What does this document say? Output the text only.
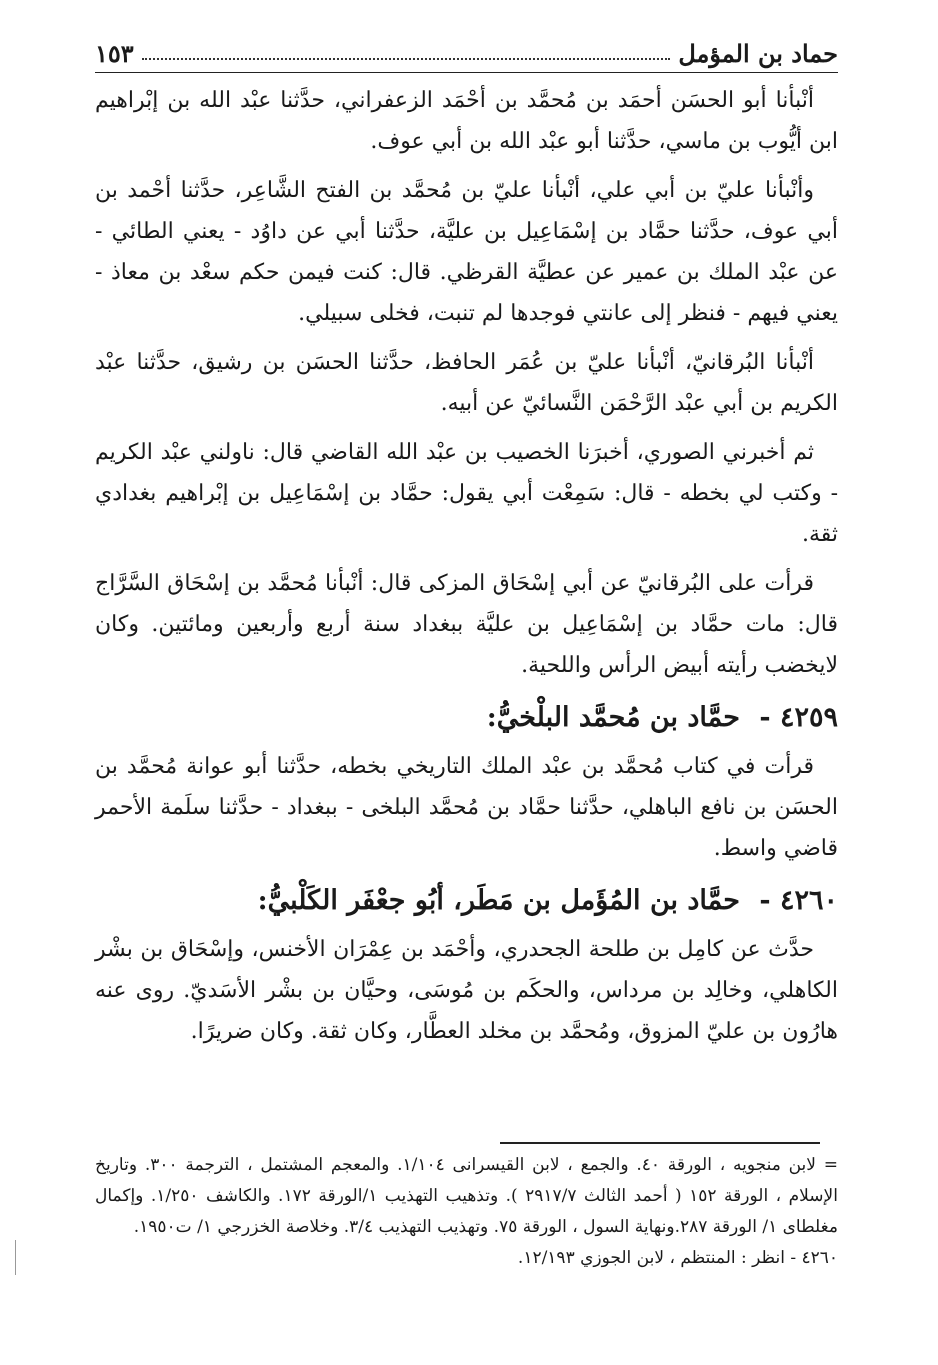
حماد بن المؤمل
١٥٣

أنْبأنا أبو الحسَن أحمَد بن مُحمَّد بن أحْمَد الزعفراني، حدَّثنا عبْد الله بن إبْراهيم ابن أيُّوب بن ماسي، حدَّثنا أبو عبْد الله بن أبي عوف.

وأنْبأنا عليّ بن أبي علي، أنْبأنا عليّ بن مُحمَّد بن الفتح الشَّاعِر، حدَّثنا أحْمد بن أبي عوف، حدَّثنا حمَّاد بن إسْمَاعِيل بن عليَّة، حدَّثنا أبي عن داوُد - يعني الطائي - عن عبْد الملك بن عمير عن عطيَّة القرظي. قال: كنت فيمن حكم سعْد بن معاذ - يعني فيهم - فنظر إلى عانتي فوجدها لم تنبت، فخلى سبيلي.

أنْبأنا البُرقانيّ، أنْبأنا عليّ بن عُمَر الحافظ، حدَّثنا الحسَن بن رشيق، حدَّثنا عبْد الكريم بن أبي عبْد الرَّحْمَن النَّسائيّ عن أبيه.

ثم أخبرني الصوري، أخبرَنا الخصيب بن عبْد الله القاضي قال: ناولني عبْد الكريم - وكتب لي بخطه - قال: سَمِعْت أبي يقول: حمَّاد بن إسْمَاعِيل بن إبْراهيم بغدادي ثقة.

قرأت على البُرقانيّ عن أبي إسْحَاق المزكى قال: أنْبأنا مُحمَّد بن إسْحَاق السَّرَّاج قال: مات حمَّاد بن إسْمَاعِيل بن عليَّة ببغداد سنة أربع وأربعين ومائتين. وكان لايخضب رأيته أبيض الرأس واللحية.

٤٢٥٩ - حمَّاد بن مُحمَّد البلْخيُّ:

قرأت في كتاب مُحمَّد بن عبْد الملك التاريخي بخطه، حدَّثنا أبو عوانة مُحمَّد بن الحسَن بن نافع الباهلي، حدَّثنا حمَّاد بن مُحمَّد البلخى - ببغداد - حدَّثنا سلَمة الأحمر قاضي واسط.

٤٢٦٠ - حمَّاد بن المُؤَمل بن مَطَر، أبُو جعْفَر الكَلْبيُّ:

حدَّث عن كامِل بن طلحة الجحدري، وأحْمَد بن عِمْرَان الأخنس، وإسْحَاق بن بشْر الكاهلي، وخالِد بن مرداس، والحكَم بن مُوسَى، وحيَّان بن بشْر الأسَديّ. روى عنه هارُون بن عليّ المزوق، ومُحمَّد بن مخلد العطَّار، وكان ثقة. وكان ضريرًا.

= لابن منجويه ، الورقة ٤٠. والجمع ، لابن القيسرانى ١/١٠٤. والمعجم المشتمل ، الترجمة ٣٠٠. وتاريخ الإسلام ، الورقة ١٥٢ ( أحمد الثالث ٢٩١٧/٧ ). وتذهيب التهذيب ١/الورقة ١٧٢. والكاشف ١/٢٥٠. وإكمال مغلطاى ١/ الورقة ٢٨٧.ونهاية السول ، الورقة ٧٥. وتهذيب التهذيب ٣/٤. وخلاصة الخزرجي ١/ ت١٩٥٠.
٤٢٦٠ - انظر : المنتظم ، لابن الجوزي ١٢/١٩٣.
